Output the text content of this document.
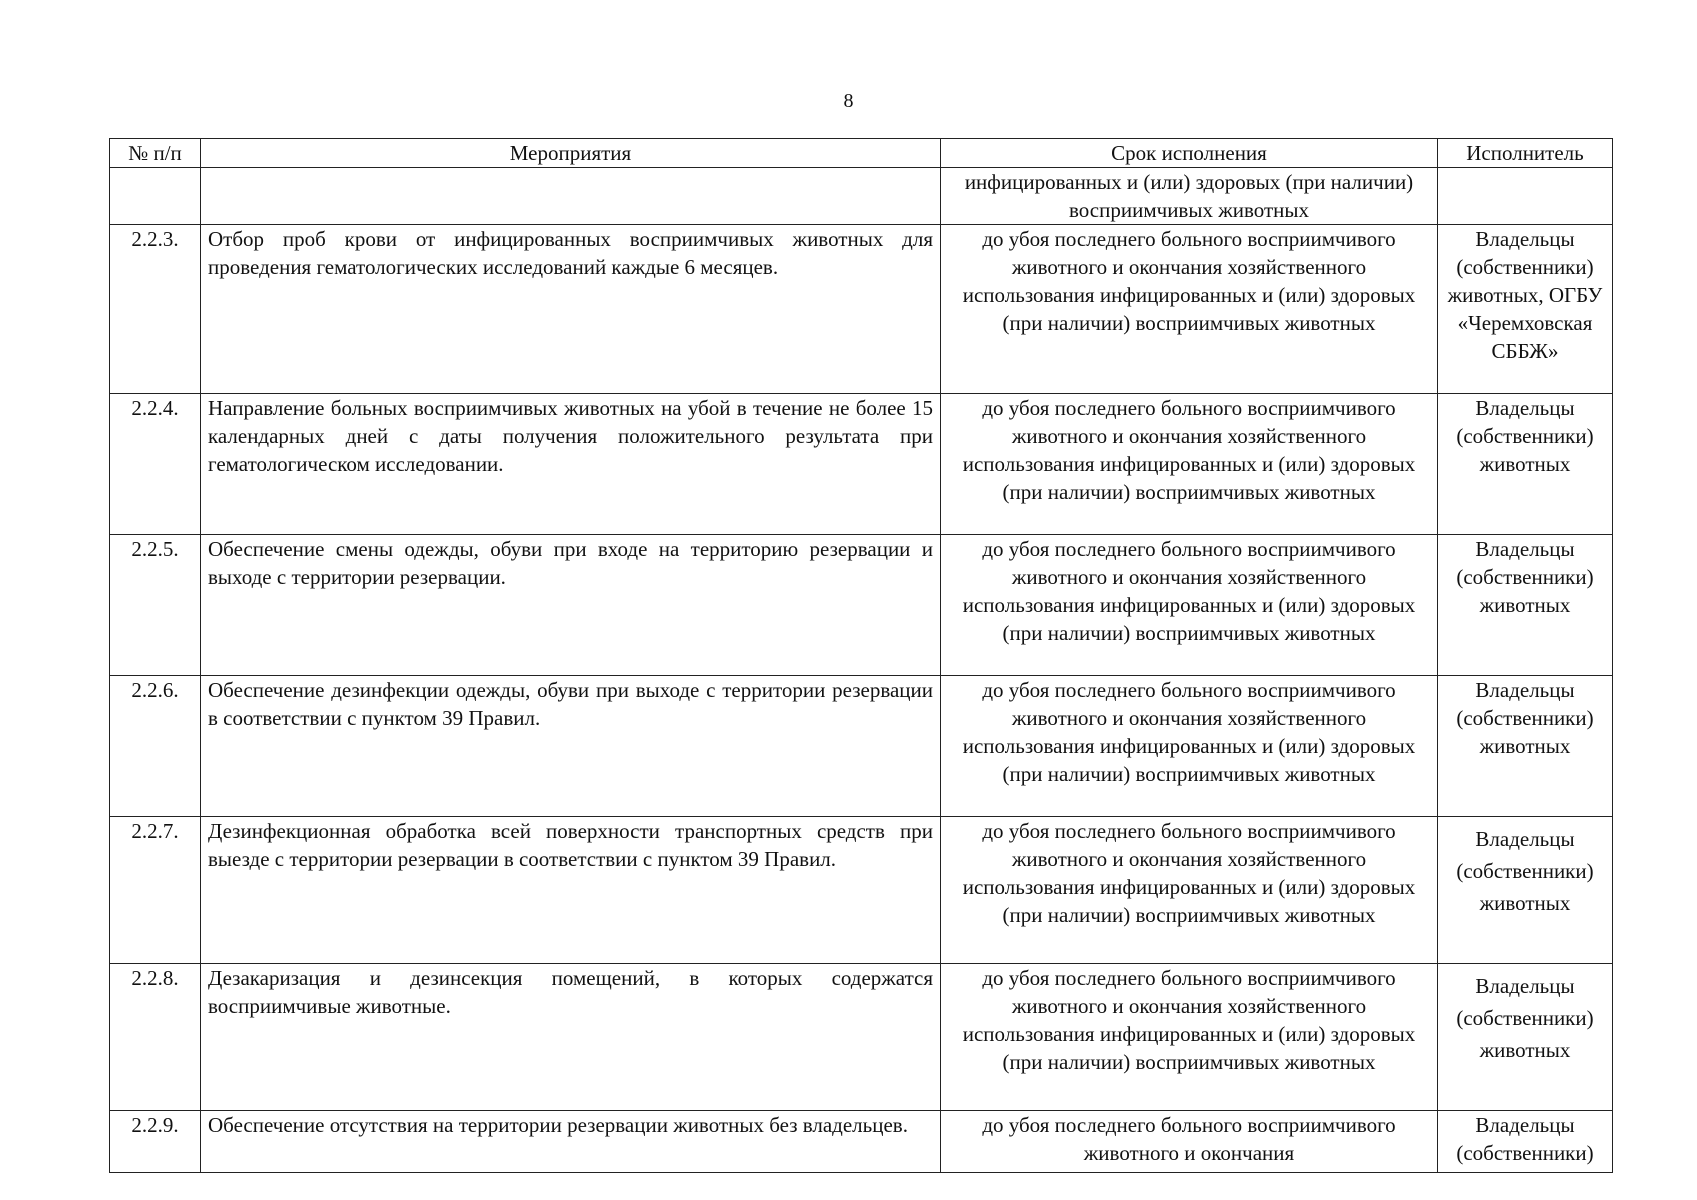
8
№ п/п	Мероприятия	Срок исполнения	Исполнитель
		инфицированных и (или) здоровых (при наличии) восприимчивых животных	
2.2.3.	Отбор проб крови от инфицированных восприимчивых животных для проведения гематологических исследований каждые 6 месяцев.	до убоя последнего больного восприимчивого животного и окончания хозяйственного использования инфицированных и (или) здоровых (при наличии) восприимчивых животных	Владельцы (собственники) животных, ОГБУ «Черемховская СББЖ»
2.2.4.	Направление больных восприимчивых животных на убой в течение не более 15 календарных дней с даты получения положительного результата при гематологическом исследовании.	до убоя последнего больного восприимчивого животного и окончания хозяйственного использования инфицированных и (или) здоровых (при наличии) восприимчивых животных	Владельцы (собственники) животных
2.2.5.	Обеспечение смены одежды, обуви при входе на территорию резервации и выходе с территории резервации.	до убоя последнего больного восприимчивого животного и окончания хозяйственного использования инфицированных и (или) здоровых (при наличии) восприимчивых животных	Владельцы (собственники) животных
2.2.6.	Обеспечение дезинфекции одежды, обуви при выходе с территории резервации в соответствии с пунктом 39 Правил.	до убоя последнего больного восприимчивого животного и окончания хозяйственного использования инфицированных и (или) здоровых (при наличии) восприимчивых животных	Владельцы (собственники) животных
2.2.7.	Дезинфекционная обработка всей поверхности транспортных средств при выезде с территории резервации в соответствии с пунктом 39 Правил.	до убоя последнего больного восприимчивого животного и окончания хозяйственного использования инфицированных и (или) здоровых (при наличии) восприимчивых животных	Владельцы (собственники) животных
2.2.8.	Дезакаризация и дезинсекция помещений, в которых содержатся восприимчивые животные.	до убоя последнего больного восприимчивого животного и окончания хозяйственного использования инфицированных и (или) здоровых (при наличии) восприимчивых животных	Владельцы (собственники) животных
2.2.9.	Обеспечение отсутствия на территории резервации животных без владельцев.	до убоя последнего больного восприимчивого животного и окончания	Владельцы (собственники)
